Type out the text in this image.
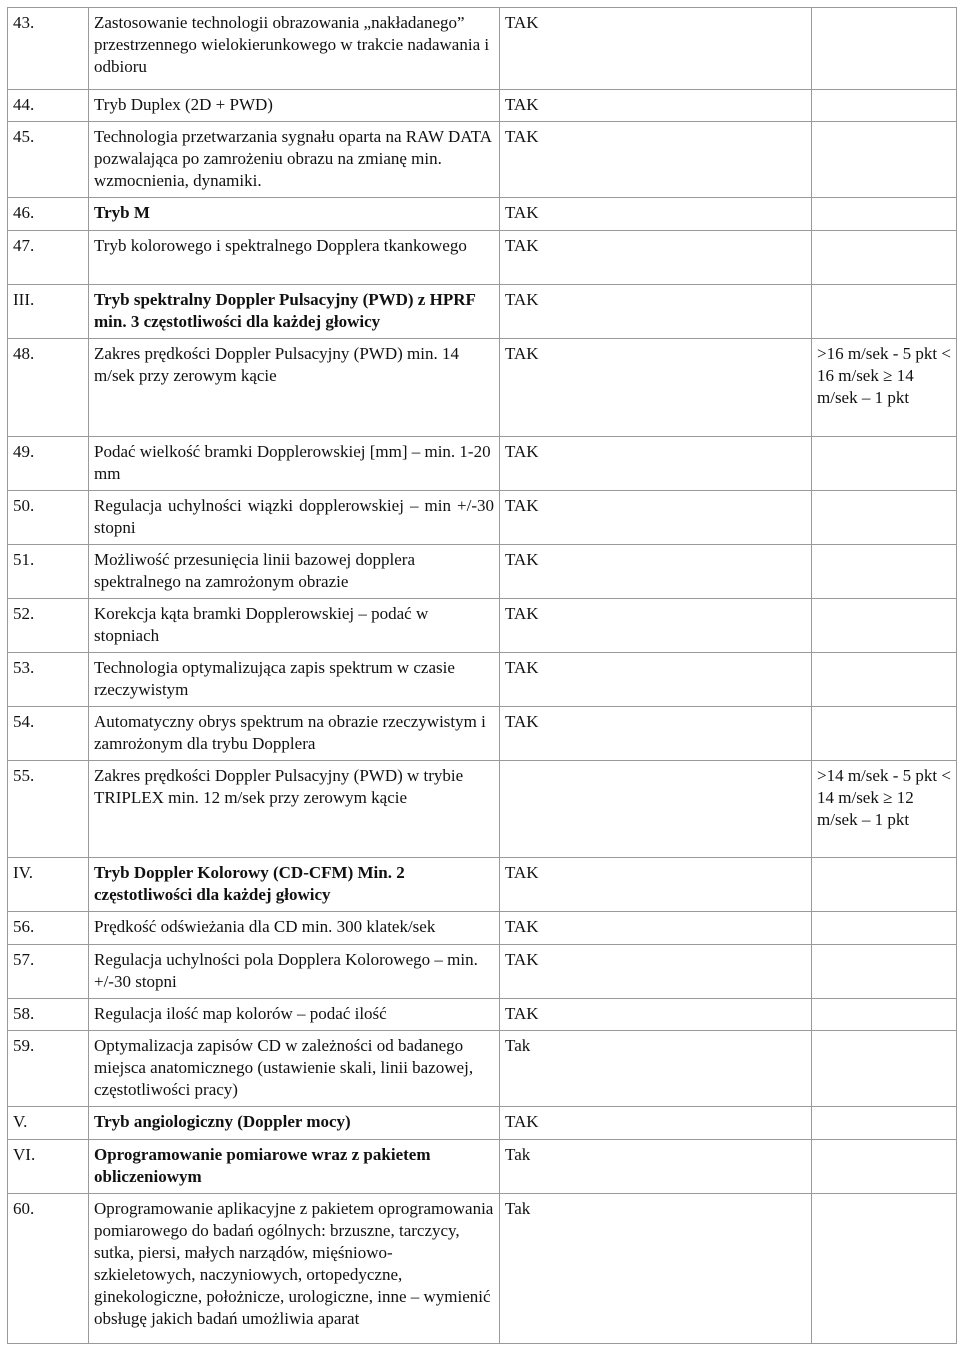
43.	Zastosowanie technologii obrazowania „nakładanego” przestrzennego wielokierunkowego w trakcie nadawania i odbioru	TAK	
44.	Tryb Duplex (2D + PWD)	TAK	
45.	Technologia przetwarzania sygnału oparta na RAW DATA pozwalająca po zamrożeniu obrazu na zmianę min. wzmocnienia, dynamiki.	TAK	
46.	Tryb M	TAK	
47.	Tryb kolorowego i spektralnego Dopplera tkankowego	TAK	
III.	Tryb spektralny Doppler Pulsacyjny (PWD) z HPRF min. 3 częstotliwości dla każdej głowicy	TAK	
48.	Zakres prędkości Doppler Pulsacyjny (PWD) min. 14 m/sek przy zerowym kącie	TAK	>16 m/sek - 5 pkt < 16 m/sek ≥ 14 m/sek – 1 pkt
49.	Podać wielkość bramki Dopplerowskiej [mm] – min. 1-20 mm	TAK	
50.	Regulacja uchylności wiązki dopplerowskiej – min +/-30 stopni	TAK	
51.	Możliwość przesunięcia linii bazowej dopplera spektralnego na zamrożonym obrazie	TAK	
52.	Korekcja kąta bramki Dopplerowskiej – podać w stopniach	TAK	
53.	Technologia optymalizująca zapis spektrum w czasie rzeczywistym	TAK	
54.	Automatyczny obrys spektrum na obrazie rzeczywistym i zamrożonym dla trybu Dopplera	TAK	
55.	Zakres prędkości Doppler Pulsacyjny (PWD) w trybie TRIPLEX min. 12 m/sek przy zerowym kącie		>14 m/sek - 5 pkt < 14 m/sek ≥ 12 m/sek – 1 pkt
IV.	Tryb Doppler Kolorowy (CD-CFM) Min. 2 częstotliwości dla każdej głowicy	TAK	
56.	Prędkość odświeżania dla CD min. 300 klatek/sek	TAK	
57.	Regulacja uchylności pola Dopplera Kolorowego – min. +/-30 stopni	TAK	
58.	Regulacja ilość map kolorów – podać ilość	TAK	
59.	Optymalizacja zapisów CD w zależności od badanego miejsca anatomicznego (ustawienie skali, linii bazowej, częstotliwości pracy)	Tak	
V.	Tryb angiologiczny (Doppler mocy)	TAK	
VI.	Oprogramowanie pomiarowe wraz z pakietem obliczeniowym	Tak	
60.	Oprogramowanie aplikacyjne z pakietem oprogramowania pomiarowego do badań ogólnych: brzuszne, tarczycy, sutka, piersi, małych narządów, mięśniowo-szkieletowych, naczyniowych, ortopedyczne, ginekologiczne, położnicze, urologiczne, inne – wymienić obsługę jakich badań umożliwia aparat	Tak	
